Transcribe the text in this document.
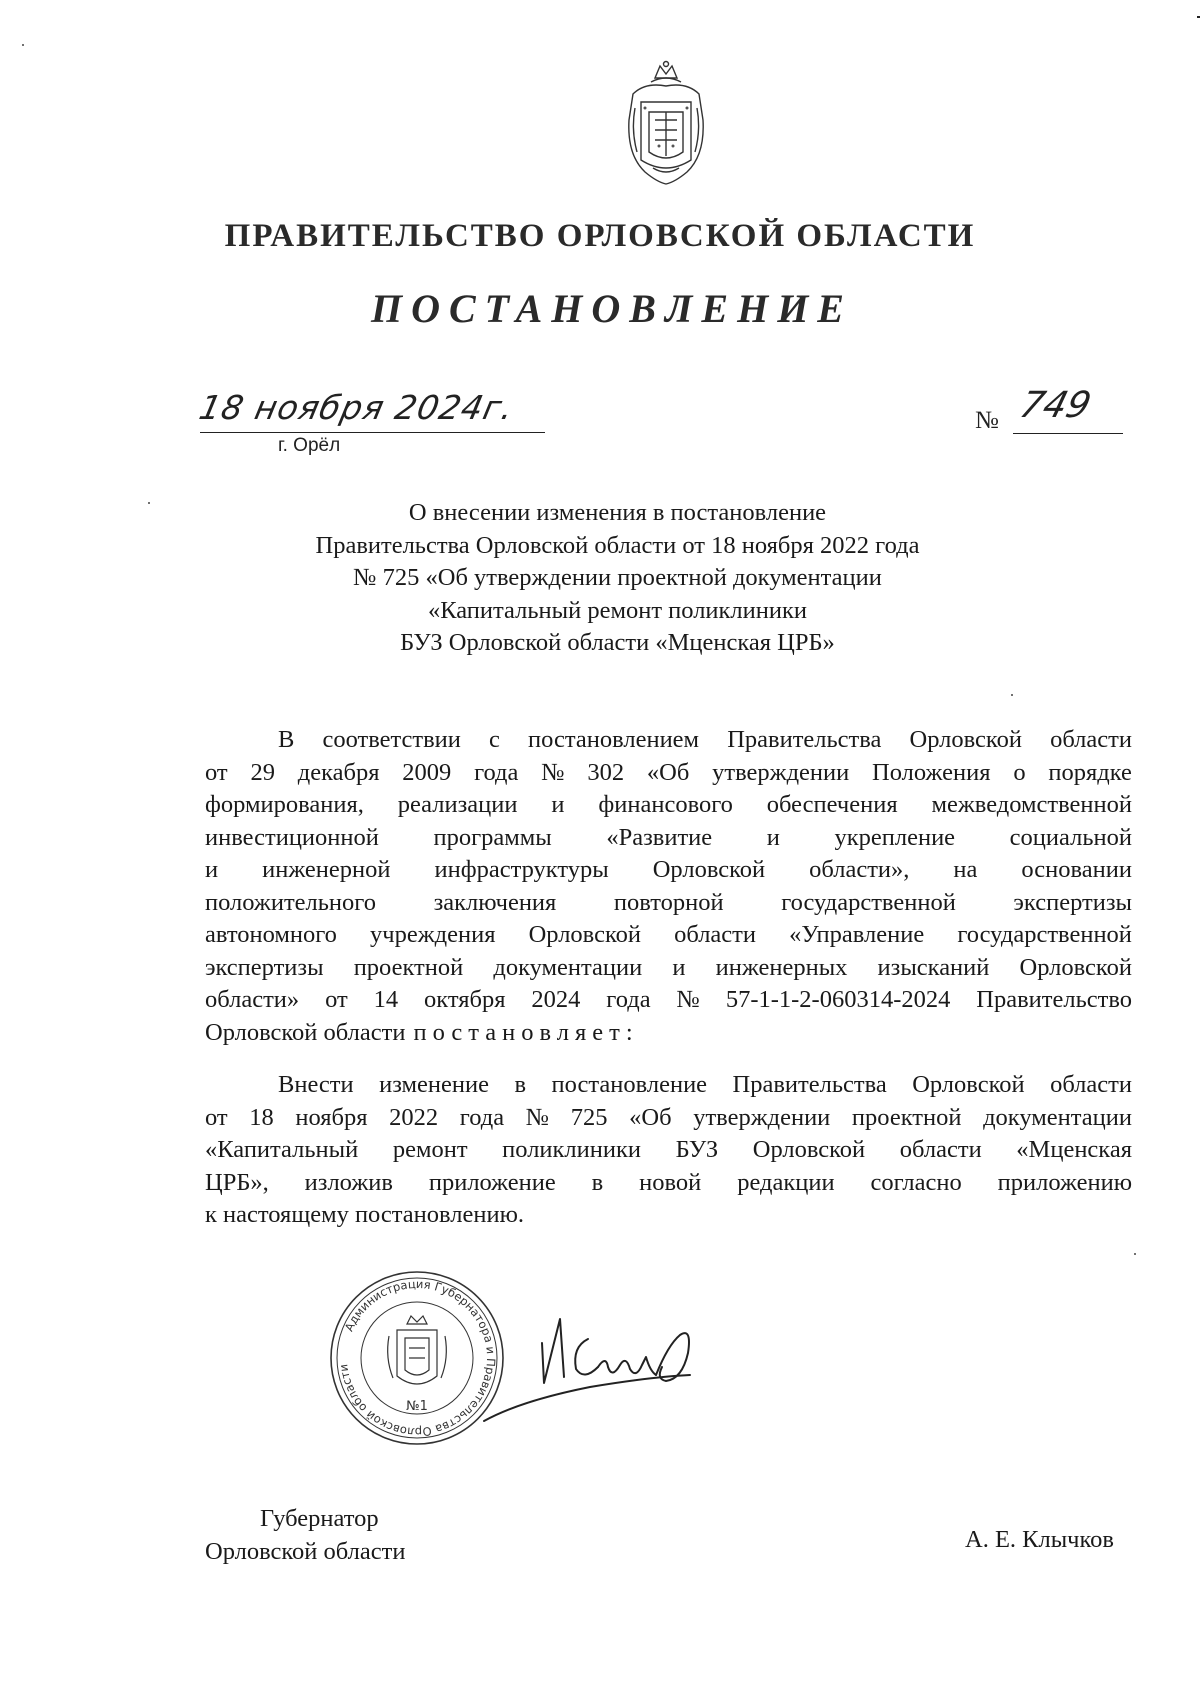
ПРАВИТЕЛЬСТВО ОРЛОВСКОЙ ОБЛАСТИ
ПОСТАНОВЛЕНИЕ
18 ноября 2024г.
г. Орёл
№ 749
О внесении изменения в постановление
Правительства Орловской области от 18 ноября 2022 года
№ 725 «Об утверждении проектной документации
«Капитальный ремонт поликлиники
БУЗ Орловской области «Мценская ЦРБ»
В соответствии с постановлением Правительства Орловской области
от 29 декабря 2009 года № 302 «Об утверждении Положения о порядке
формирования, реализации и финансового обеспечения межведомственной
инвестиционной программы «Развитие и укрепление социальной
и инженерной инфраструктуры Орловской области», на основании
положительного заключения повторной государственной экспертизы
автономного учреждения Орловской области «Управление государственной
экспертизы проектной документации и инженерных изысканий Орловской
области» от 14 октября 2024 года № 57-1-1-2-060314-2024 Правительство
Орловской области постановляет:
Внести изменение в постановление Правительства Орловской области
от 18 ноября 2022 года № 725 «Об утверждении проектной документации
«Капитальный ремонт поликлиники БУЗ Орловской области «Мценская
ЦРБ», изложив приложение в новой редакции согласно приложению
к настоящему постановлению.
Администрация Губернатора и Правительства Орловской области
№1
Губернатор
Орловской области	А. Е. Клычков
